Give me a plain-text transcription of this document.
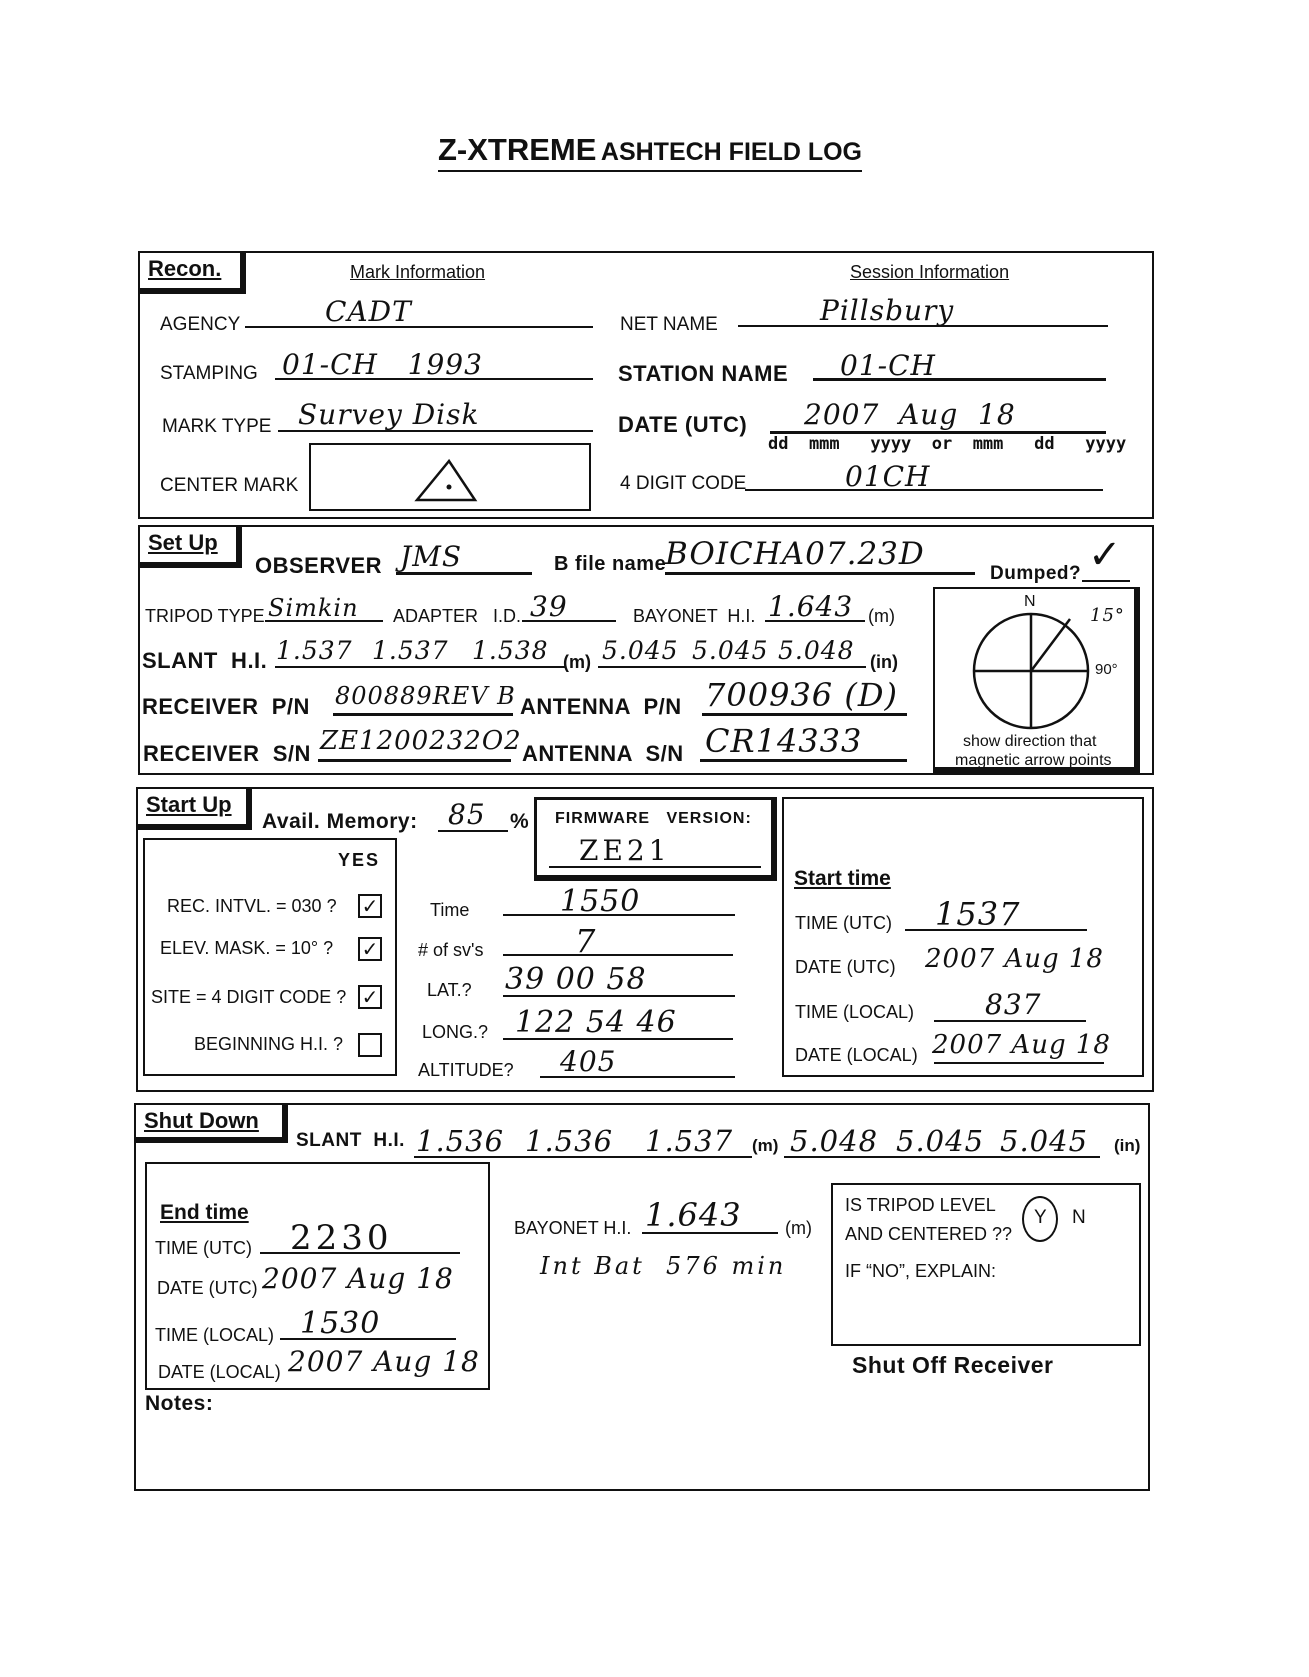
Z-XTREME ASHTECH FIELD LOG
Recon.	Mark Information	Session Information
AGENCY	CADT
STAMPING 01-CH   1993
MARK TYPE Survey Disk
CENTER MARK
NET NAME	Pillsbury
STATION NAME 01-CH
DATE (UTC) 2007  Aug  18
dd  mmm   yyyy  or  mmm   dd   yyyy
4 DIGIT CODE	01CH
Set Up
OBSERVER JMS	B file name
BOICHA07.23D
Dumped? ✓
TRIPOD TYPE Simkin ADAPTER   I.D. 39	BAYONET  H.I. 1.643 (m)
SLANT  H.I. 1.537 1.537 1.538 (m) 5.045 5.045 5.048 (in)
RECEIVER  P/N 800889REV B ANTENNA  P/N 700936 (D)
RECEIVER  S/N ZE1200232O2 ANTENNA  S/N CR14333
N
90°
15°
show direction that
magnetic arrow points
Start Up
Avail. Memory: 85 % FIRMWARE   VERSION:
ZE21
YES
REC. INTVL. = 030 ? ✓
ELEV. MASK. = 10° ? ✓
SITE = 4 DIGIT CODE ? ✓
BEGINNING H.I. ?
Time	1550
# of sv's	7
LAT.? 39 00 58
LONG.? 122 54 46
ALTITUDE? 405
Start time
TIME (UTC) 1537
DATE (UTC) 2007 Aug 18
TIME (LOCAL)	837
DATE (LOCAL) 2007 Aug 18
Shut Down
SLANT  H.I. 1.536 1.536 1.537 (m) 5.048 5.045 5.045 (in)
End time
TIME (UTC) 2230
DATE (UTC) 2007 Aug 18
TIME (LOCAL) 1530
DATE (LOCAL) 2007 Aug 18
BAYONET H.I. 1.643 (m)
Int Bat  576 min
IS TRIPOD LEVEL
AND CENTERED ??
Y N
IF “NO”, EXPLAIN:
Shut Off Receiver
Notes:
